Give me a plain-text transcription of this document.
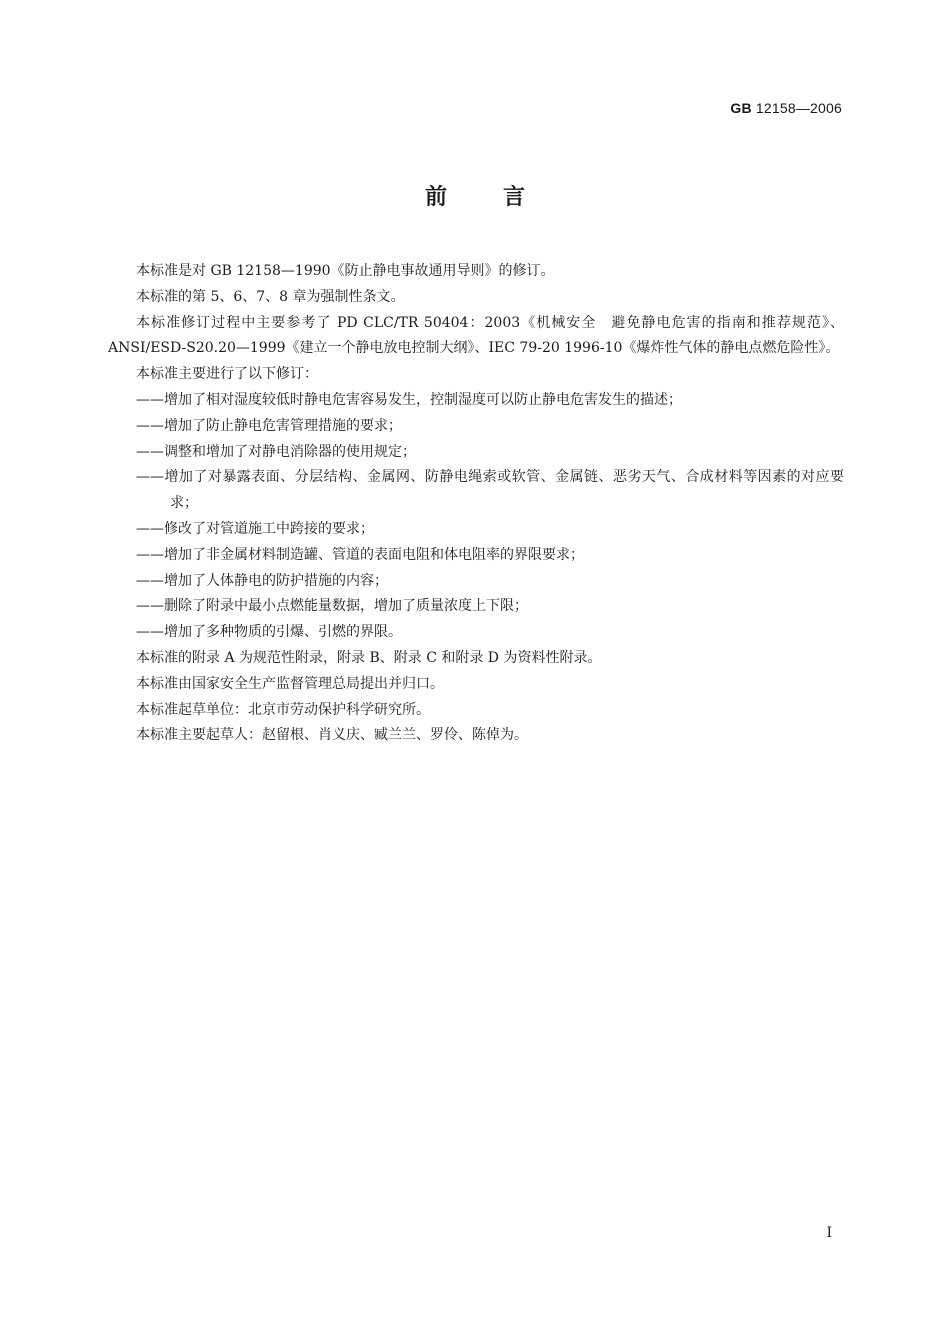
GB 12158—2006
前言

本标准是对 GB 12158—1990《防止静电事故通用导则》的修订。

本标准的第 5、6、7、8 章为强制性条文。

本标准修订过程中主要参考了 PD CLC/TR 50404：2003《机械安全　避免静电危害的指南和推荐规范》、ANSI/ESD-S20.20—1999《建立一个静电放电控制大纲》、IEC 79-20 1996-10《爆炸性气体的静电点燃危险性》。

本标准主要进行了以下修订：

——增加了相对湿度较低时静电危害容易发生，控制湿度可以防止静电危害发生的描述；

——增加了防止静电危害管理措施的要求；

——调整和增加了对静电消除器的使用规定；

——增加了对暴露表面、分层结构、金属网、防静电绳索或软管、金属链、恶劣天气、合成材料等因素的对应要求；

——修改了对管道施工中跨接的要求；

——增加了非金属材料制造罐、管道的表面电阻和体电阻率的界限要求；

——增加了人体静电的防护措施的内容；

——删除了附录中最小点燃能量数据，增加了质量浓度上下限；

——增加了多种物质的引爆、引燃的界限。

本标准的附录 A 为规范性附录，附录 B、附录 C 和附录 D 为资料性附录。

本标准由国家安全生产监督管理总局提出并归口。

本标准起草单位：北京市劳动保护科学研究所。

本标准主要起草人：赵留根、肖义庆、臧兰兰、罗伶、陈倬为。

I
